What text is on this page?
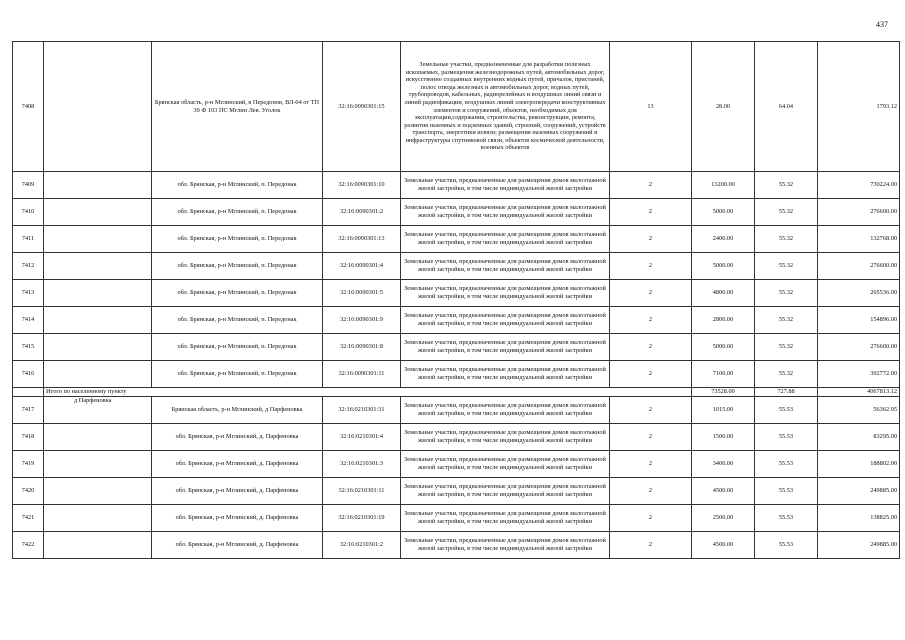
437
7408		Брянская область, р-н Мглинский, в Передонов, ВЛ-04 от ТП 39 Ф 103 ПС Мглин Лев. Уголок	32:16:0090301:15	Земельные участки, предназначенные для разработки полезных ископаемых, размещения железнодорожных путей, автомобильных дорог, искусственно созданных внутренних водных путей, причалов, пристаней, полос отвода железных и автомобильных дорог, водных путей, трубопроводов, кабельных, радиорелейных и воздушных линий связи и линий радиофикации, воздушных линий электропередачи конструктивных элементов и сооружений, объектов, необходимых для эксплуатации,содержания, строительства, реконструкции, ремонта, развития наземных и подземных зданий, строений, сооружений, устройств транспорта, энергетики исвязи; размещения наземных сооружений и инфраструктуры спутниковой связи, объектов космической деятельности, военных объектов	13	28.00	64.04	1793.12
7409		обл. Брянская, р-н Мглинский, п. Передонак	32:16:0090301:10	Земельные участки, предназначенные для размещения домов малоэтажной жилой застройки, в том числе индивидуальной жилой застройки	2	13200.00	55.32	730224.00
7410		обл. Брянская, р-н Мглинский, п. Передонак	32:16:0090301:2	Земельные участки, предназначенные для размещения домов малоэтажной жилой застройки, в том числе индивидуальной жилой застройки	2	5000.00	55.32	276600.00
7411		обл. Брянская, р-н Мглинский, п. Передонак	32:16:0090301:13	Земельные участки, предназначенные для размещения домов малоэтажной жилой застройки, в том числе индивидуальной жилой застройки	2	2400.00	55.32	132768.00
7412		обл. Брянская, р-н Мглинский, п. Передонак	32:16:0090301:4	Земельные участки, предназначенные для размещения домов малоэтажной жилой застройки, в том числе индивидуальной жилой застройки	2	5000.00	55.32	276600.00
7413		обл. Брянская, р-н Мглинский, п. Передонак	32:16:0090301:5	Земельные участки, предназначенные для размещения домов малоэтажной жилой застройки, в том числе индивидуальной жилой застройки	2	4800.00	55.32	265536.00
7414		обл. Брянская, р-н Мглинский, п. Передонак	32:16:0090301:9	Земельные участки, предназначенные для размещения домов малоэтажной жилой застройки, в том числе индивидуальной жилой застройки	2	2800.00	55.32	154896.00
7415		обл. Брянская, р-н Мглинский, п. Передонак	32:16:0090301:8	Земельные участки, предназначенные для размещения домов малоэтажной жилой застройки, в том числе индивидуальной жилой застройки	2	5000.00	55.32	276600.00
7416		обл. Брянская, р-н Мглинский, п. Передонак	32:16:0090301:11	Земельные участки, предназначенные для размещения домов малоэтажной жилой застройки, в том числе индивидуальной жилой застройки	2	7100.00	55.32	392772.00
	Итого по населенному пункту					73528.00	727.88	4067813.12
7417	д Парфеновка	Брянская область, р-н Мглинский, д Парфеновка	32:16:0210301:31	Земельные участки, предназначенные для размещения домов малоэтажной жилой застройки, в том числе индивидуальной жилой застройки	2	1015.00	55.53	56362.95
7418		обл. Брянская, р-н Мглинский, д. Парфеновка	32:16:0210301:4	Земельные участки, предназначенные для размещения домов малоэтажной жилой застройки, в том числе индивидуальной жилой застройки	2	1500.00	55.53	83295.00
7419		обл. Брянская, р-н Мглинский, д. Парфеновка	32:16:0210301:3	Земельные участки, предназначенные для размещения домов малоэтажной жилой застройки, в том числе индивидуальной жилой застройки	2	3400.00	55.53	188802.00
7420		обл. Брянская, р-н Мглинский, д. Парфеновка	32:16:0210301:11	Земельные участки, предназначенные для размещения домов малоэтажной жилой застройки, в том числе индивидуальной жилой застройки	2	4500.00	55.53	249885.00
7421		обл. Брянская, р-н Мглинский, д. Парфеновка	32:16:0210301:19	Земельные участки, предназначенные для размещения домов малоэтажной жилой застройки, в том числе индивидуальной жилой застройки	2	2500.00	55.53	138825.00
7422		обл. Брянская, р-н Мглинский, д. Парфеновка	32:16:0210301:2	Земельные участки, предназначенные для размещения домов малоэтажной жилой застройки, в том числе индивидуальной жилой застройки	2	4500.00	55.53	249885.00
